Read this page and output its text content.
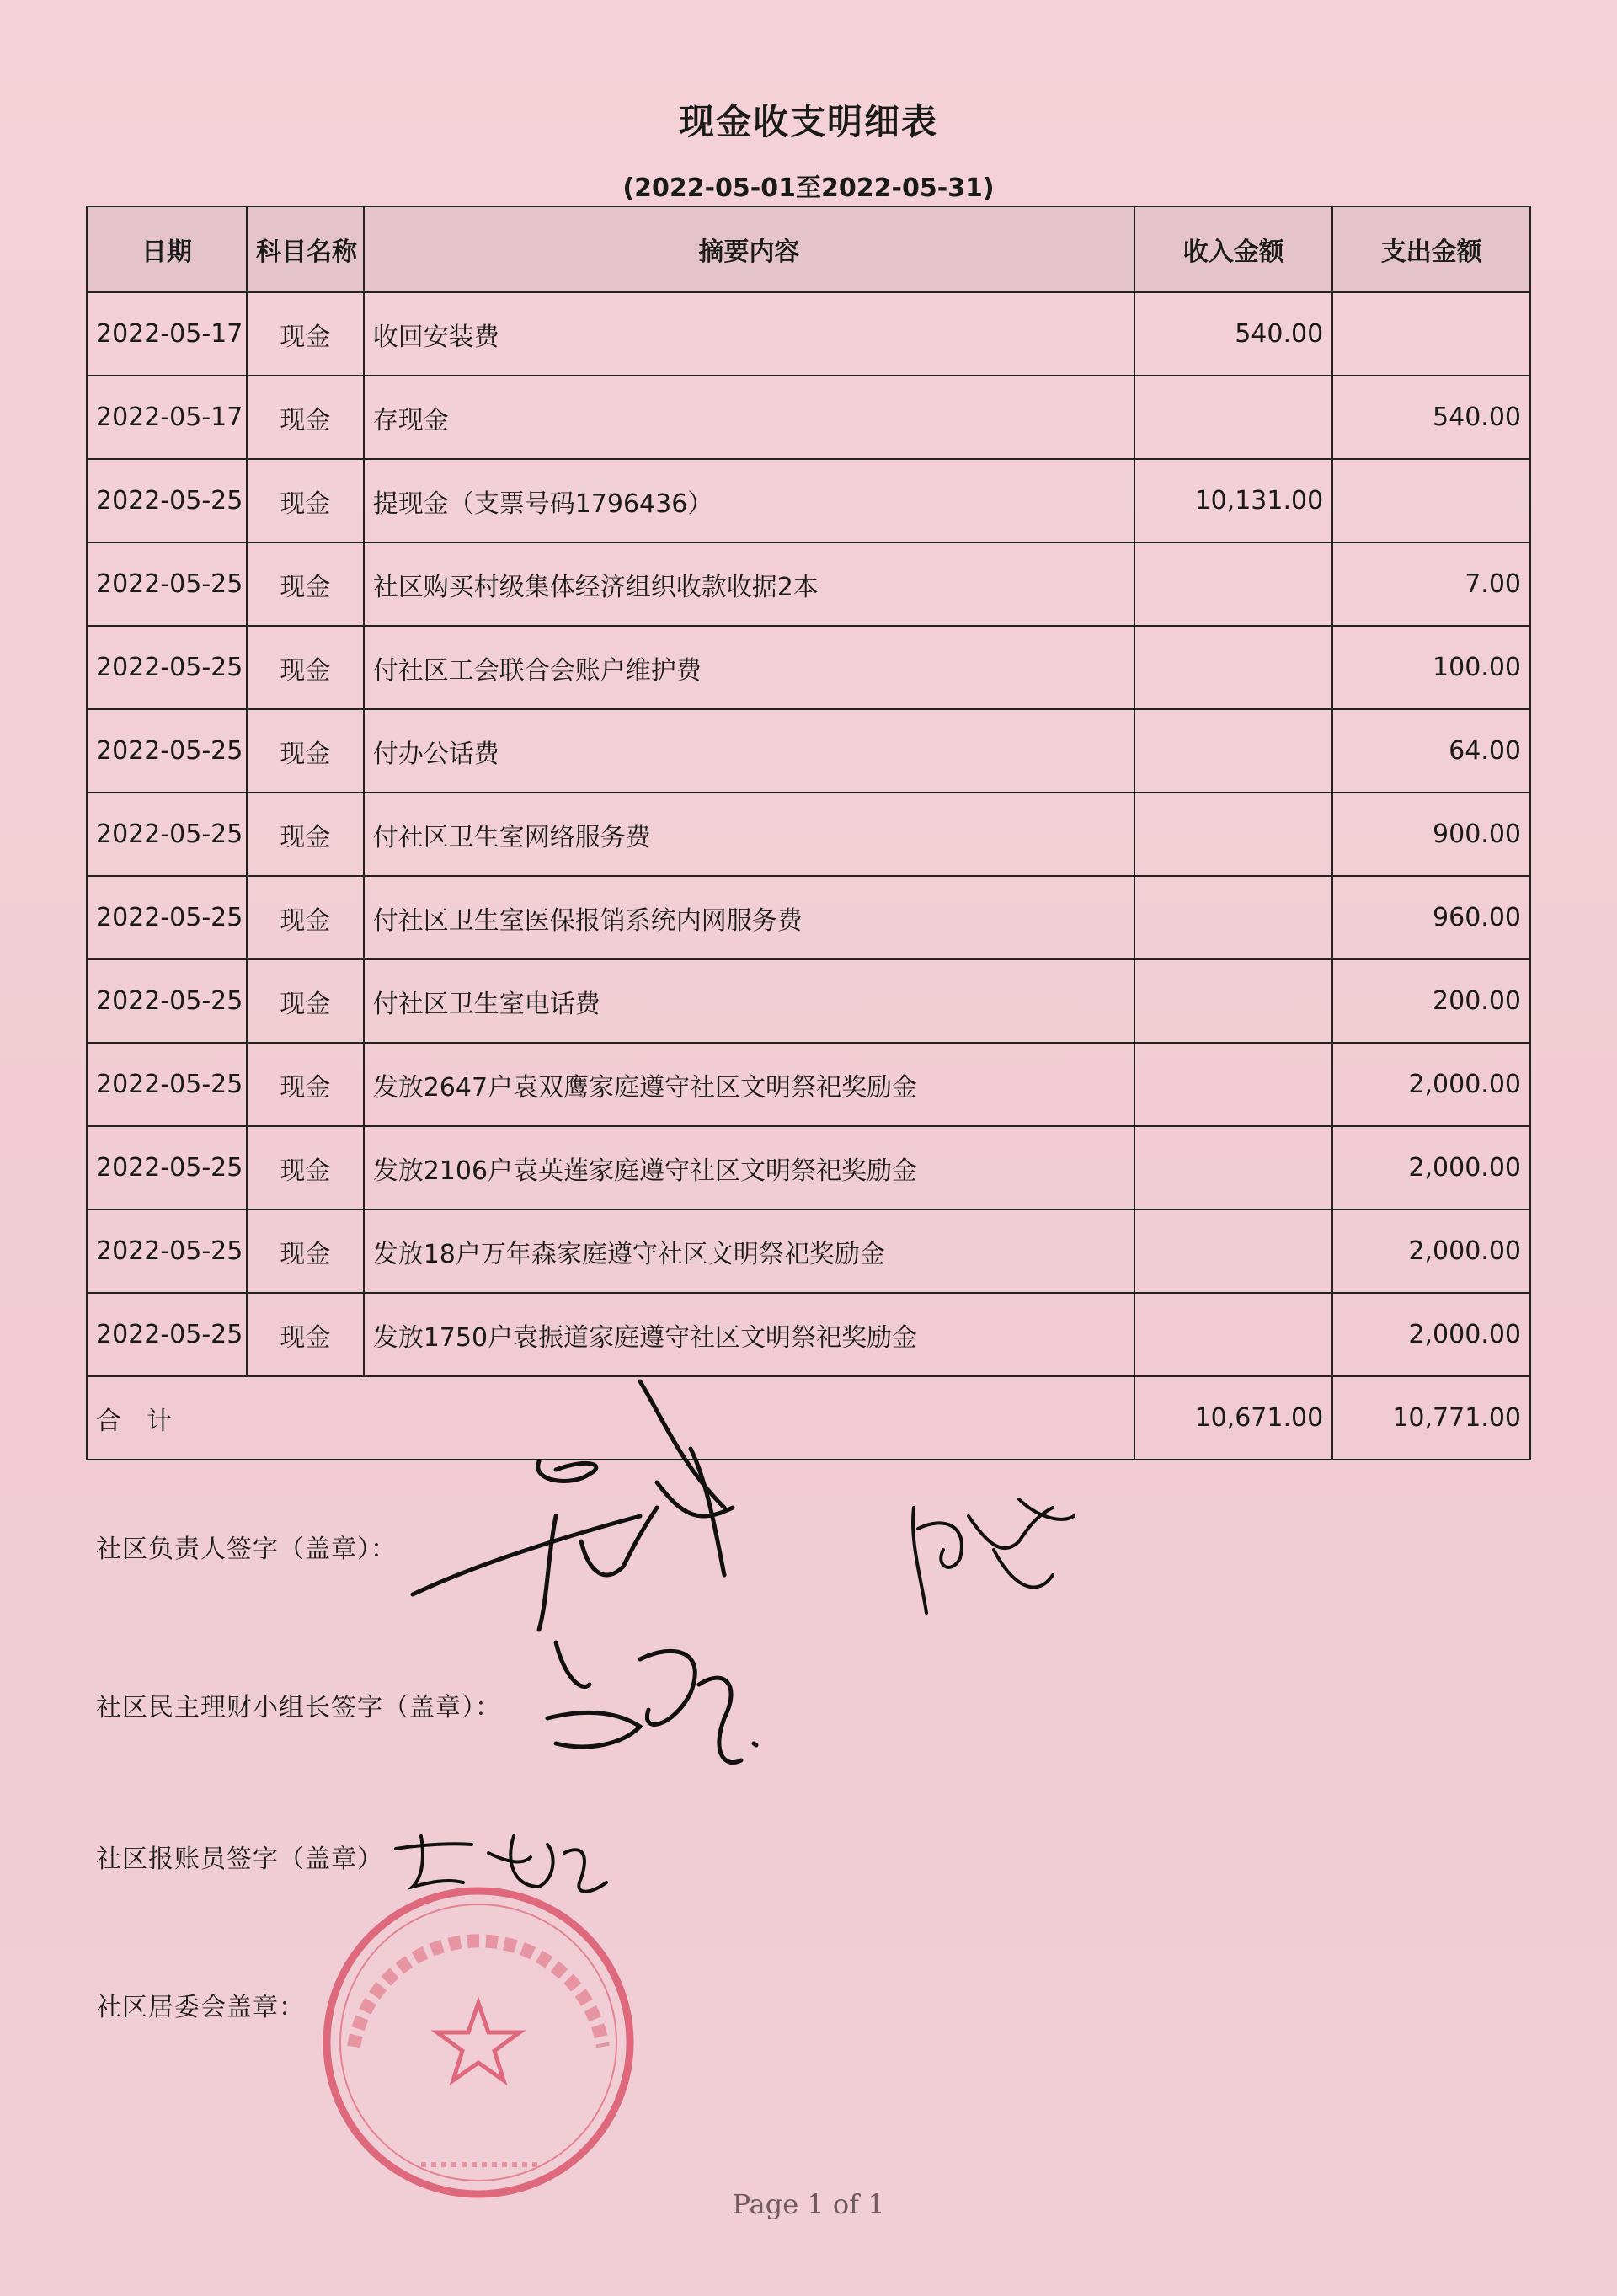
现金收支明细表
(2022-05-01至2022-05-31)
日期	科目名称	摘要内容	收入金额	支出金额
2022-05-17	现金	收回安装费	540.00	
2022-05-17	现金	存现金		540.00
2022-05-25	现金	提现金（支票号码1796436）	10,131.00	
2022-05-25	现金	社区购买村级集体经济组织收款收据2本		7.00
2022-05-25	现金	付社区工会联合会账户维护费		100.00
2022-05-25	现金	付办公话费		64.00
2022-05-25	现金	付社区卫生室网络服务费		900.00
2022-05-25	现金	付社区卫生室医保报销系统内网服务费		960.00
2022-05-25	现金	付社区卫生室电话费		200.00
2022-05-25	现金	发放2647户袁双鹰家庭遵守社区文明祭祀奖励金		2,000.00
2022-05-25	现金	发放2106户袁英莲家庭遵守社区文明祭祀奖励金		2,000.00
2022-05-25	现金	发放18户万年森家庭遵守社区文明祭祀奖励金		2,000.00
2022-05-25	现金	发放1750户袁振道家庭遵守社区文明祭祀奖励金		2,000.00
合　计			10,671.00	10,771.00
社区负责人签字（盖章）：
社区民主理财小组长签字（盖章）：
社区报账员签字（盖章）
社区居委会盖章：
Page 1 of 1
